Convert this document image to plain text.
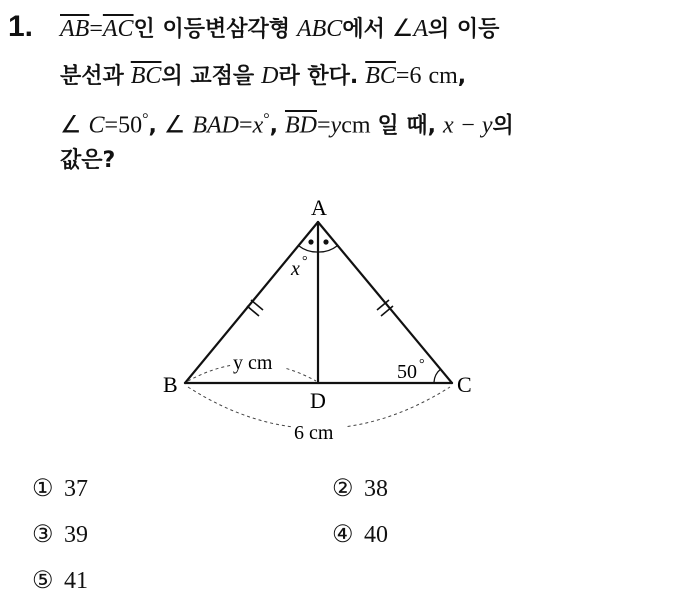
1. $\overline{AB}=\overline{AC}$인 이등변삼각형 ABC에서 ∠A의 이등
분선과 $\overline{BC}$의 교점을 D라 한다. $\overline{BC}=6$ cm,
∠ C=50°, ∠ BAD=x°, $\overline{BD}=ycm$ 일 때, x − y의
값은?
A
B	C
D
x °
50 °
y cm
6 cm
① 37	② 38
③ 39	④ 40
⑤ 41
